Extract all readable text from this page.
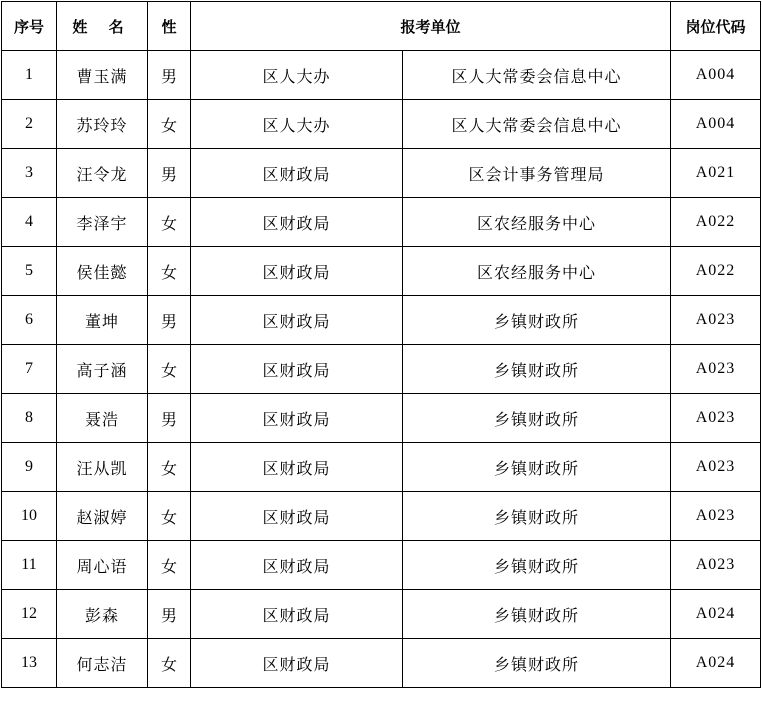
序号	姓 名	性	报考单位		岗位代码
1	曹玉满	男	区人大办	区人大常委会信息中心	A004
2	苏玲玲	女	区人大办	区人大常委会信息中心	A004
3	汪令龙	男	区财政局	区会计事务管理局	A021
4	李泽宇	女	区财政局	区农经服务中心	A022
5	侯佳懿	女	区财政局	区农经服务中心	A022
6	董坤	男	区财政局	乡镇财政所	A023
7	高子涵	女	区财政局	乡镇财政所	A023
8	聂浩	男	区财政局	乡镇财政所	A023
9	汪从凯	女	区财政局	乡镇财政所	A023
10	赵淑婷	女	区财政局	乡镇财政所	A023
11	周心语	女	区财政局	乡镇财政所	A023
12	彭森	男	区财政局	乡镇财政所	A024
13	何志洁	女	区财政局	乡镇财政所	A024
